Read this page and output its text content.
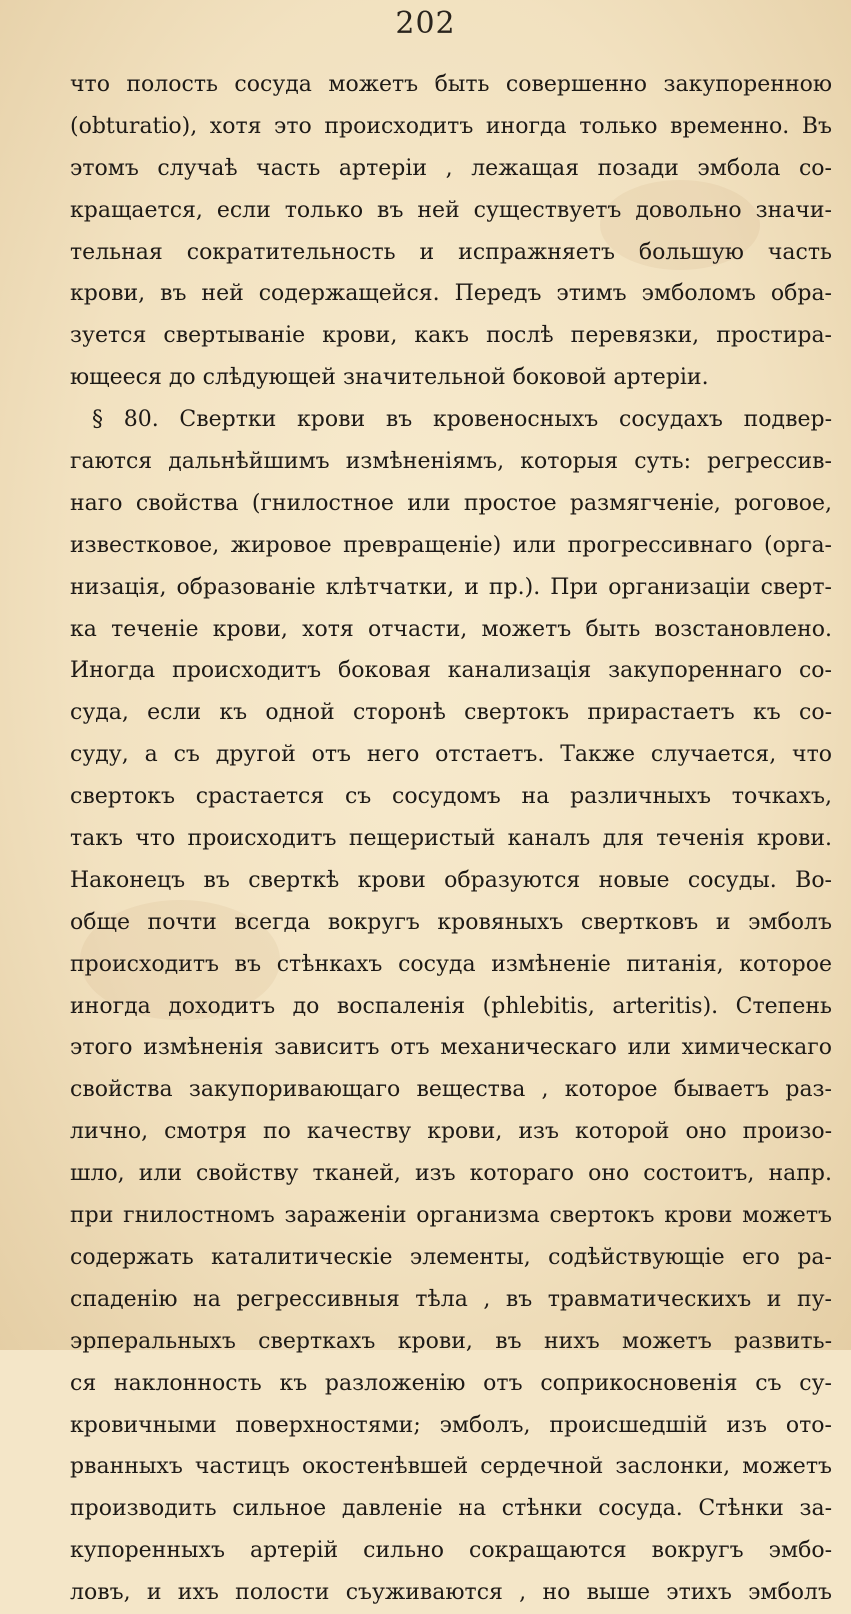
202
что полость сосуда можетъ быть совершенно закупоренною
(obturatio), хотя это происходитъ иногда только временно. Въ
этомъ случаѣ часть артеріи , лежащая позади эмбола со-
кращается, если только въ ней существуетъ довольно значи-
тельная сократительность и испражняетъ большую часть
крови, въ ней содержащейся. Передъ этимъ эмболомъ обра-
зуется свертываніе крови, какъ послѣ перевязки, простира-
ющееся до слѣдующей значительной боковой артеріи.
§ 80. Свертки крови въ кровеносныхъ сосудахъ подвер-
гаются дальнѣйшимъ измѣненіямъ, которыя суть: регрессив-
наго свойства (гнилостное или простое размягченіе, роговое,
известковое, жировое превращеніе) или прогрессивнаго (орга-
низація, образованіе клѣтчатки, и пр.). При организаціи сверт-
ка теченіе крови, хотя отчасти, можетъ быть возстановлено.
Иногда происходитъ боковая канализація закупореннаго со-
суда, если къ одной сторонѣ свертокъ прирастаетъ къ со-
суду, а съ другой отъ него отстаетъ. Также случается, что
свертокъ срастается съ сосудомъ на различныхъ точкахъ,
такъ что происходитъ пещеристый каналъ для теченія крови.
Наконецъ въ сверткѣ крови образуются новые сосуды. Во-
обще почти всегда вокругъ кровяныхъ свертковъ и эмболъ
происходитъ въ стѣнкахъ сосуда измѣненіе питанія, которое
иногда доходитъ до воспаленія (phlebitis, arteritis). Степень
этого измѣненія зависитъ отъ механическаго или химическаго
свойства закупоривающаго вещества , которое бываетъ раз-
лично, смотря по качеству крови, изъ которой оно произо-
шло, или свойству тканей, изъ котораго оно состоитъ, напр.
при гнилостномъ зараженіи организма свертокъ крови можетъ
содержать каталитическіе элементы, содѣйствующіе его ра-
спаденію на регрессивныя тѣла , въ травматическихъ и пу-
эрперальныхъ сверткахъ крови, въ нихъ можетъ развить-
ся наклонность къ разложенію отъ соприкосновенія съ су-
кровичными поверхностями; эмболъ, происшедшій изъ ото-
рванныхъ частицъ окостенѣвшей сердечной заслонки, можетъ
производить сильное давленіе на стѣнки сосуда. Стѣнки за-
купоренныхъ артерій сильно сокращаются вокругъ эмбо-
ловъ, и ихъ полости съуживаются , но выше этихъ эмболъ
